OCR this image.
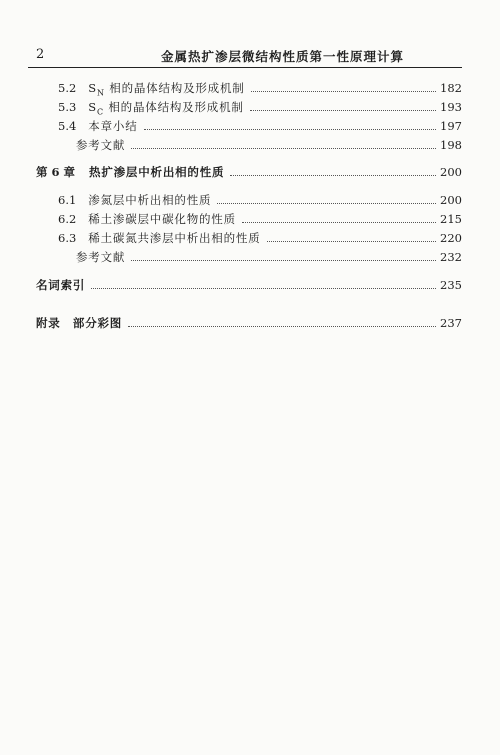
2	金属热扩渗层微结构性质第一性原理计算
5.2 $S_N$ 相的晶体结构及形成机制	182
5.3 $S_C$ 相的晶体结构及形成机制	193
5.4 本章小结	197
参考文献	198
第 6 章 热扩渗层中析出相的性质	200
6.1 渗氮层中析出相的性质	200
6.2 稀土渗碳层中碳化物的性质	215
6.3 稀土碳氮共渗层中析出相的性质	220
参考文献	232
名词索引	235
附录　部分彩图	237
